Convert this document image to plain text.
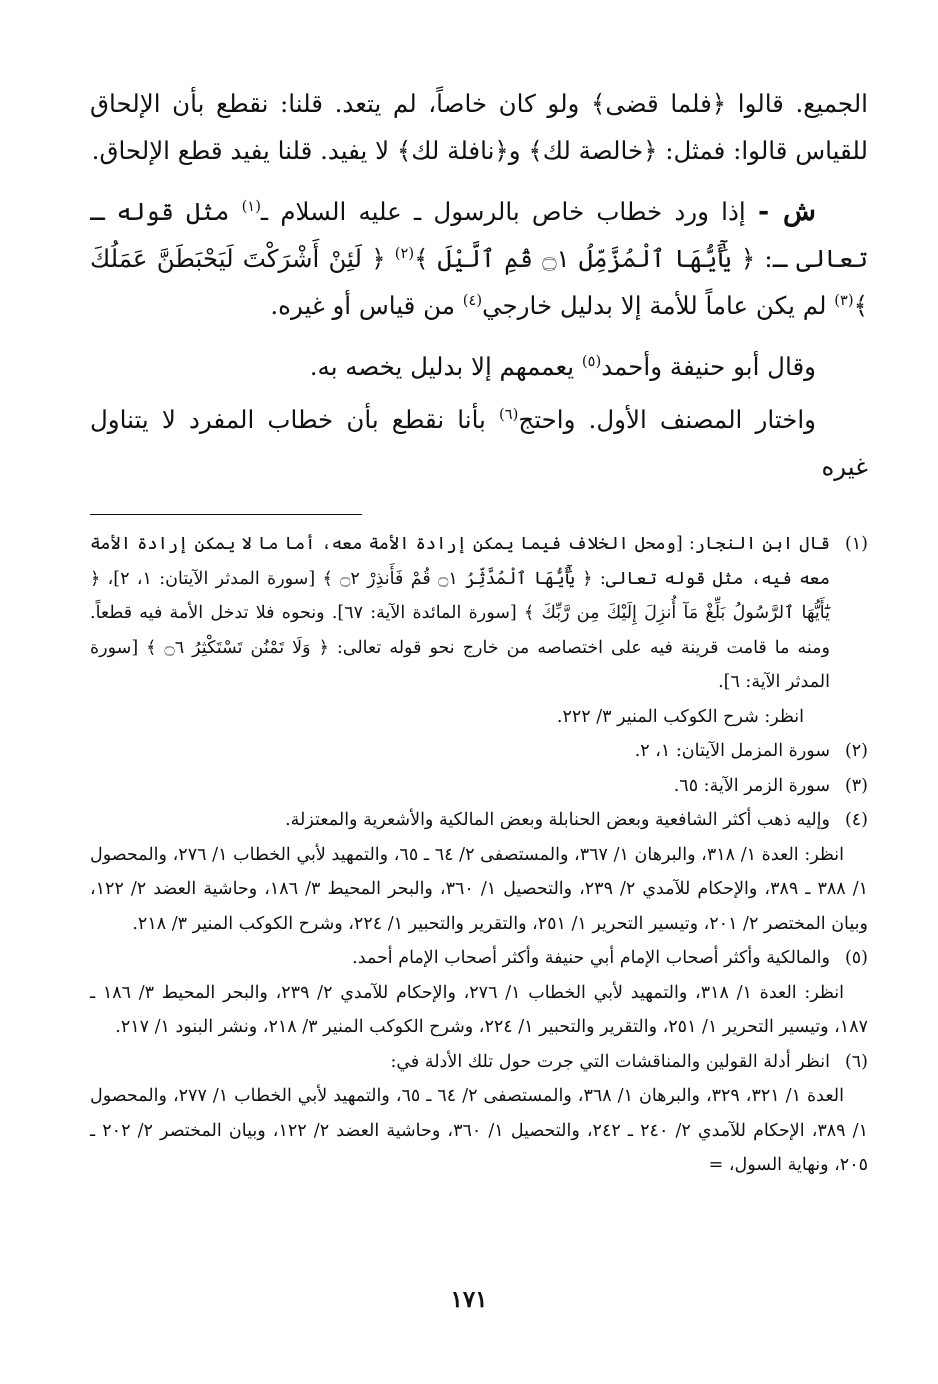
الجميع. قالوا ﴿فلما قضى﴾ ولو كان خاصاً، لم يتعد. قلنا: نقطع بأن الإلحاق للقياس قالوا: فمثل: ﴿خالصة لك﴾ و﴿نافلة لك﴾ لا يفيد. قلنا يفيد قطع الإلحاق.

ش - إذا ورد خطاب خاص بالرسول ـ عليه السلام ـ$^{(١)}$ مثل قوله ـ تعالى ـ: ﴿ يَٰٓأَيُّهَا ٱلْمُزَّمِّلُ ۝١ قُمِ ٱلَّيْلَ ﴾$^{(٢)}$ ﴿ لَئِنْ أَشْرَكْتَ لَيَحْبَطَنَّ عَمَلُكَ ﴾$^{(٣)}$ لم يكن عاماً للأمة إلا بدليل خارجي$^{(٤)}$ من قياس أو غيره.

وقال أبو حنيفة وأحمد$^{(٥)}$ يعممهم إلا بدليل يخصه به.

واختار المصنف الأول. واحتج$^{(٦)}$ بأنا نقطع بأن خطاب المفرد لا يتناول غيره

(١)
قال ابن النجار: [ومحل الخلاف فيما يمكن إرادة الأمة معه، أما ما لا يمكن إرادة الأمة معه فيه، مثل قوله تعالى: ﴿ يَٰٓأَيُّهَا ٱلْمُدَّثِّرُ ۝١ قُمْ فَأَنذِرْ ۝٢ ﴾ [سورة المدثر الآيتان: ١، ٢]، ﴿ يَٰٓأَيُّهَا ٱلرَّسُولُ بَلِّغْ مَآ أُنزِلَ إِلَيْكَ مِن رَّبِّكَ ﴾ [سورة المائدة الآية: ٦٧]. ونحوه فلا تدخل الأمة فيه قطعاً. ومنه ما قامت قرينة فيه على اختصاصه من خارج نحو قوله تعالى: ﴿ وَلَا تَمْنُن تَسْتَكْثِرُ ۝٦ ﴾ [سورة المدثر الآية: ٦].
انظر: شرح الكوكب المنير ٣/ ٢٢٢.
(٢)
سورة المزمل الآيتان: ١، ٢.
(٣)
سورة الزمر الآية: ٦٥.
(٤)
وإليه ذهب أكثر الشافعية وبعض الحنابلة وبعض المالكية والأشعرية والمعتزلة.

انظر: العدة ١/ ٣١٨، والبرهان ١/ ٣٦٧، والمستصفى ٢/ ٦٤ ـ ٦٥، والتمهيد لأبي الخطاب ١/ ٢٧٦، والمحصول ١/ ٣٨٨ ـ ٣٨٩، والإحكام للآمدي ٢/ ٢٣٩، والتحصيل ١/ ٣٦٠، والبحر المحيط ٣/ ١٨٦، وحاشية العضد ٢/ ١٢٢، وبيان المختصر ٢/ ٢٠١، وتيسير التحرير ١/ ٢٥١، والتقرير والتحبير ١/ ٢٢٤، وشرح الكوكب المنير ٣/ ٢١٨.

(٥)
والمالكية وأكثر أصحاب الإمام أبي حنيفة وأكثر أصحاب الإمام أحمد.

انظر: العدة ١/ ٣١٨، والتمهيد لأبي الخطاب ١/ ٢٧٦، والإحكام للآمدي ٢/ ٢٣٩، والبحر المحيط ٣/ ١٨٦ ـ ١٨٧، وتيسير التحرير ١/ ٢٥١، والتقرير والتحبير ١/ ٢٢٤، وشرح الكوكب المنير ٣/ ٢١٨، ونشر البنود ١/ ٢١٧.

(٦)
انظر أدلة القولين والمناقشات التي جرت حول تلك الأدلة في:

العدة ١/ ٣٢١، ٣٢٩، والبرهان ١/ ٣٦٨، والمستصفى ٢/ ٦٤ ـ ٦٥، والتمهيد لأبي الخطاب ١/ ٢٧٧، والمحصول ١/ ٣٨٩، الإحكام للآمدي ٢/ ٢٤٠ ـ ٢٤٢، والتحصيل ١/ ٣٦٠، وحاشية العضد ٢/ ١٢٢، وبيان المختصر ٢/ ٢٠٢ ـ ٢٠٥، ونهاية السول، =

١٧١
